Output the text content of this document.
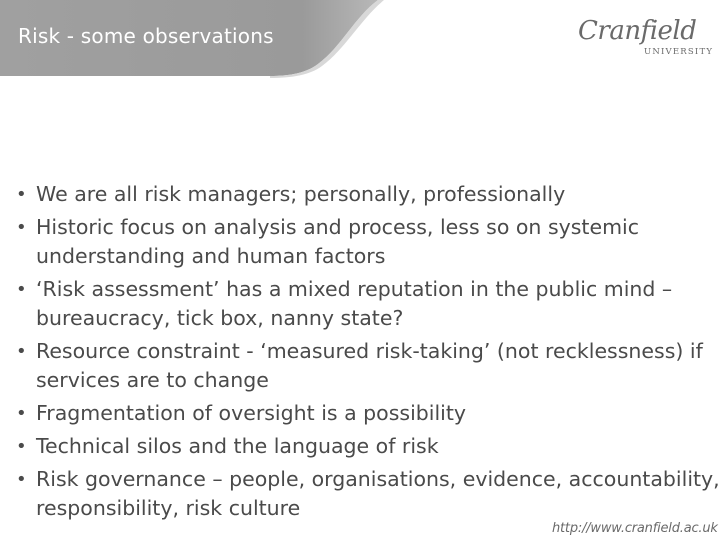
Risk - some observations	Cranfield
UNIVERSITY
• We are all risk managers; personally, professionally
• Historic focus on analysis and process, less so on systemic understanding and human factors
• ‘Risk assessment’ has a mixed reputation in the public mind – bureaucracy, tick box, nanny state?
• Resource constraint - ‘measured risk-taking’ (not recklessness) if services are to change
• Fragmentation of oversight is a possibility
• Technical silos and the language of risk
• Risk governance – people, organisations, evidence, accountability, responsibility, risk culture
http://www.cranfield.ac.uk
